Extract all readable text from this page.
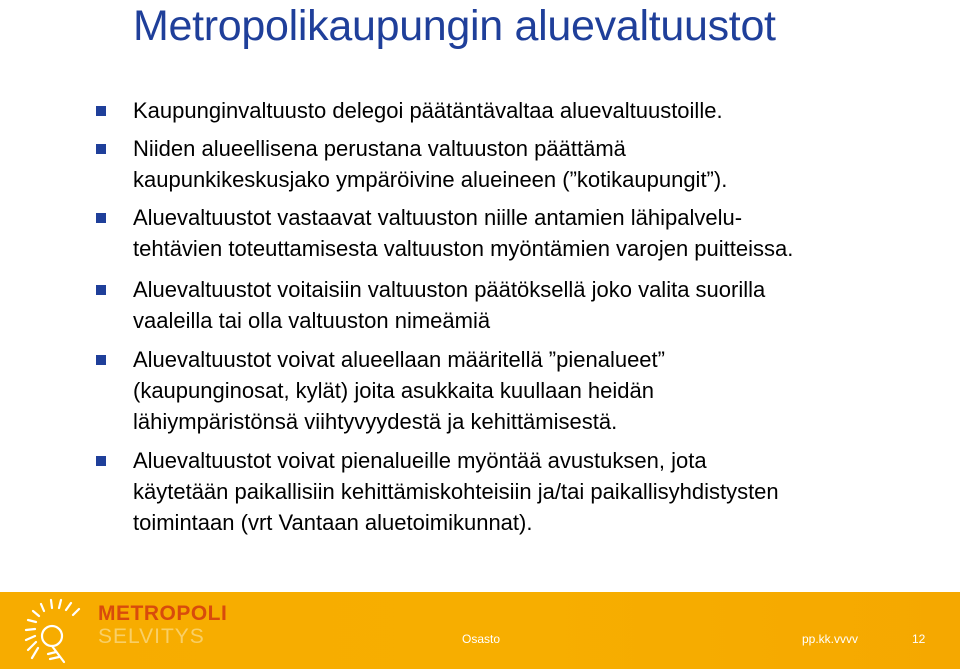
Metropolikaupungin aluevaltuustot
Kaupunginvaltuusto delegoi päätäntävaltaa aluevaltuustoille.
Niiden alueellisena perustana valtuuston päättämä
kaupunkikeskusjako ympäröivine alueineen (”kotikaupungit”).
Aluevaltuustot vastaavat valtuuston niille antamien lähipalvelu-
tehtävien toteuttamisesta valtuuston myöntämien varojen puitteissa.
Aluevaltuustot voitaisiin valtuuston päätöksellä joko valita suorilla
vaaleilla tai olla valtuuston nimeämiä
Aluevaltuustot voivat alueellaan määritellä ”pienalueet”
(kaupunginosat, kylät) joita asukkaita kuullaan heidän
lähiympäristönsä viihtyvyydestä ja kehittämisestä.
Aluevaltuustot voivat pienalueille myöntää avustuksen, jota
käytetään paikallisiin kehittämiskohteisiin ja/tai paikallisyhdistysten
toimintaan (vrt Vantaan aluetoimikunnat).
METROPOLI
SELVITYS	Osasto	pp.kk.vvvv	12
